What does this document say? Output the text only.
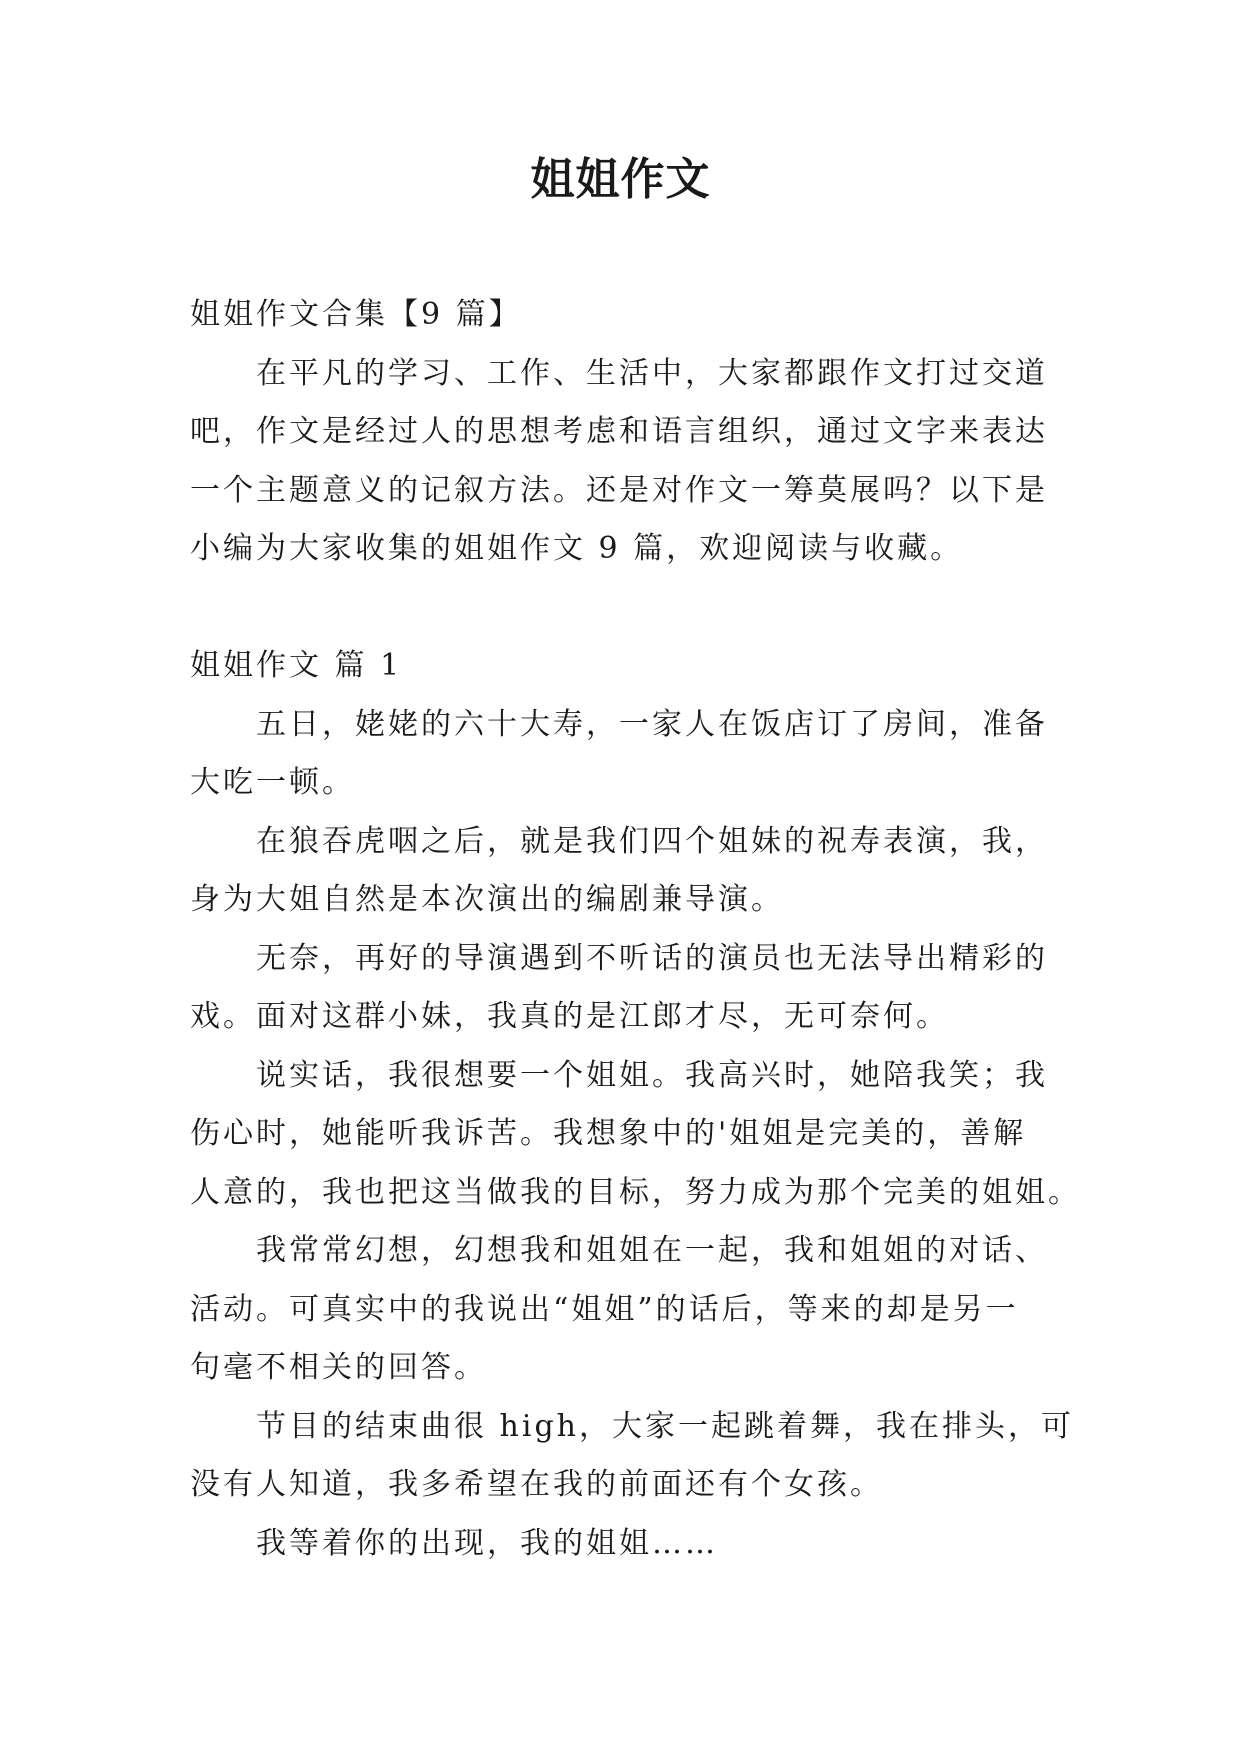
姐姐作文

姐姐作文合集【9 篇】

在平凡的学习、工作、生活中，大家都跟作文打过交道

吧，作文是经过人的思想考虑和语言组织，通过文字来表达

一个主题意义的记叙方法。还是对作文一筹莫展吗？以下是

小编为大家收集的姐姐作文 9 篇，欢迎阅读与收藏。

姐姐作文 篇 1

五日，姥姥的六十大寿，一家人在饭店订了房间，准备

大吃一顿。

在狼吞虎咽之后，就是我们四个姐妹的祝寿表演，我，

身为大姐自然是本次演出的编剧兼导演。

无奈，再好的导演遇到不听话的演员也无法导出精彩的

戏。面对这群小妹，我真的是江郎才尽，无可奈何。

说实话，我很想要一个姐姐。我高兴时，她陪我笑；我

伤心时，她能听我诉苦。我想象中的'姐姐是完美的，善解

人意的，我也把这当做我的目标，努力成为那个完美的姐姐。

我常常幻想，幻想我和姐姐在一起，我和姐姐的对话、

活动。可真实中的我说出“姐姐”的话后，等来的却是另一

句毫不相关的回答。

节目的结束曲很 high，大家一起跳着舞，我在排头，可

没有人知道，我多希望在我的前面还有个女孩。

我等着你的出现，我的姐姐……
